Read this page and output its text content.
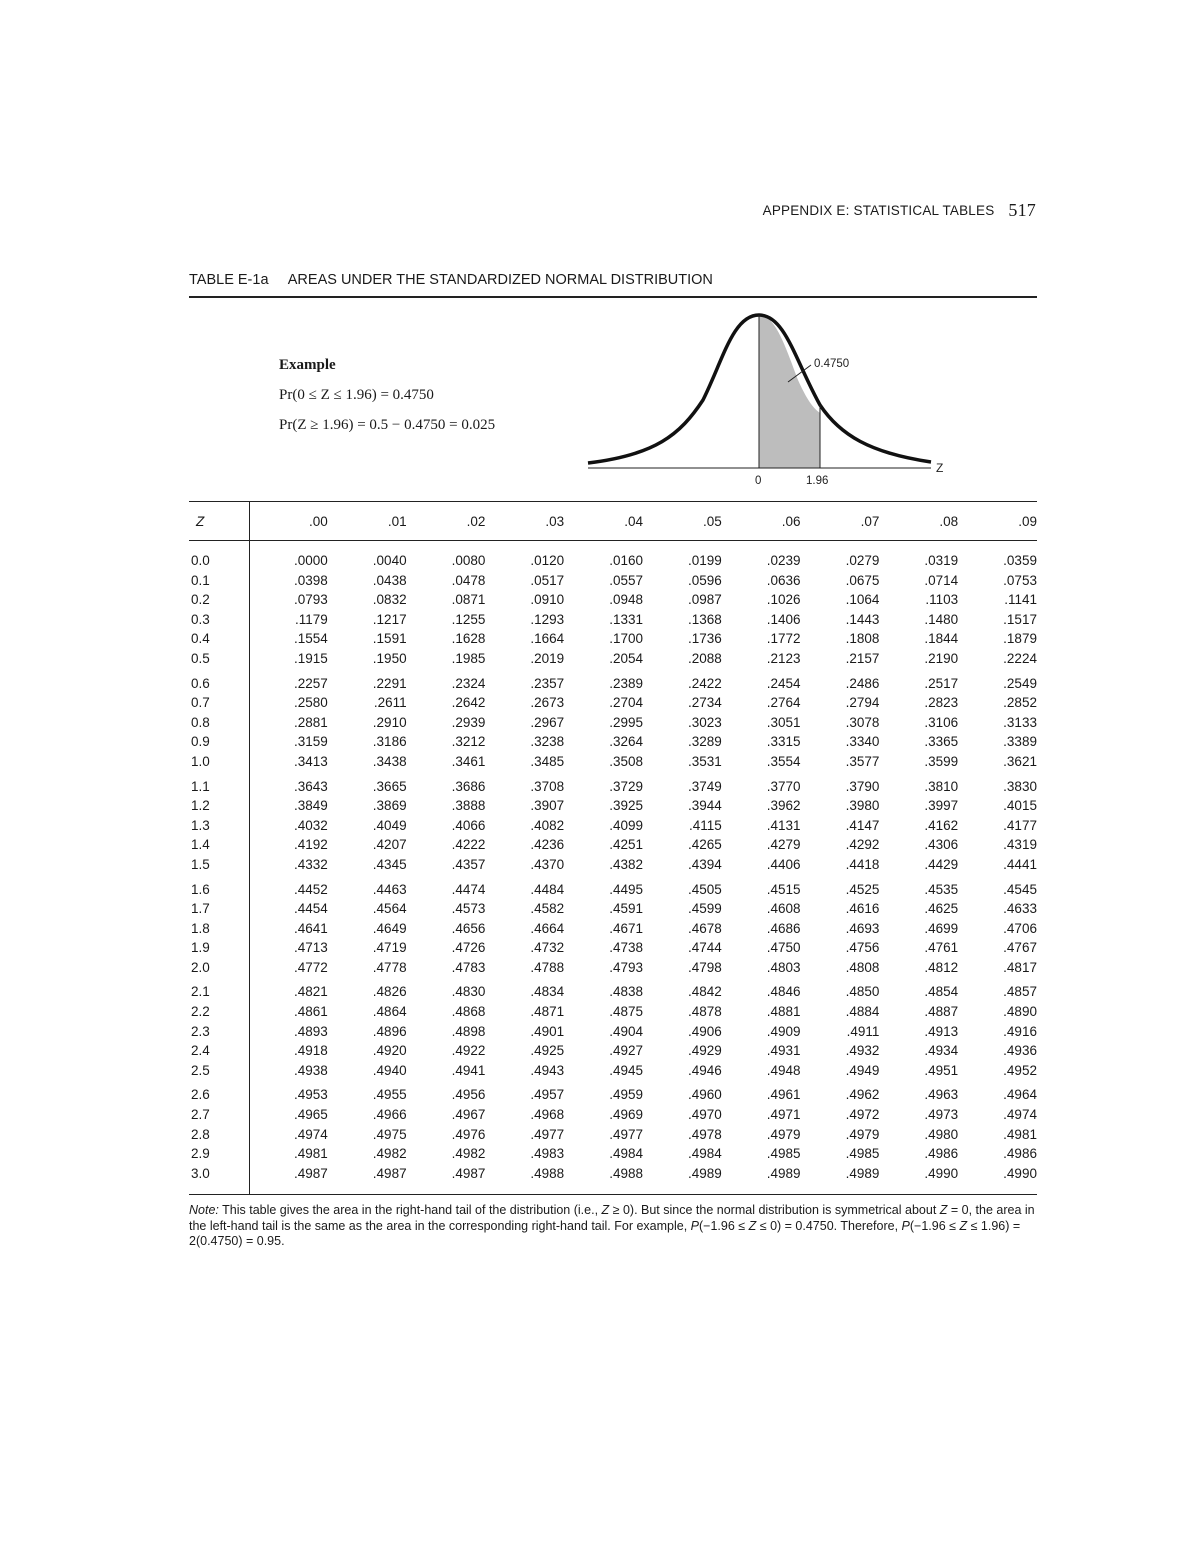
APPENDIX E: STATISTICAL TABLES 517
TABLE E-1a AREAS UNDER THE STANDARDIZED NORMAL DISTRIBUTION
Example
Pr(0 ≤ Z ≤ 1.96) = 0.4750
Pr(Z ≥ 1.96) = 0.5 − 0.4750 = 0.025
0.4750
0	1.96
Z
Z	.00	.01	.02	.03	.04	.05	.06	.07	.08	.09
0.0	.0000	.0040	.0080	.0120	.0160	.0199	.0239	.0279	.0319	.0359
0.1	.0398	.0438	.0478	.0517	.0557	.0596	.0636	.0675	.0714	.0753
0.2	.0793	.0832	.0871	.0910	.0948	.0987	.1026	.1064	.1103	.1141
0.3	.1179	.1217	.1255	.1293	.1331	.1368	.1406	.1443	.1480	.1517
0.4	.1554	.1591	.1628	.1664	.1700	.1736	.1772	.1808	.1844	.1879
0.5	.1915	.1950	.1985	.2019	.2054	.2088	.2123	.2157	.2190	.2224
0.6	.2257	.2291	.2324	.2357	.2389	.2422	.2454	.2486	.2517	.2549
0.7	.2580	.2611	.2642	.2673	.2704	.2734	.2764	.2794	.2823	.2852
0.8	.2881	.2910	.2939	.2967	.2995	.3023	.3051	.3078	.3106	.3133
0.9	.3159	.3186	.3212	.3238	.3264	.3289	.3315	.3340	.3365	.3389
1.0	.3413	.3438	.3461	.3485	.3508	.3531	.3554	.3577	.3599	.3621
1.1	.3643	.3665	.3686	.3708	.3729	.3749	.3770	.3790	.3810	.3830
1.2	.3849	.3869	.3888	.3907	.3925	.3944	.3962	.3980	.3997	.4015
1.3	.4032	.4049	.4066	.4082	.4099	.4115	.4131	.4147	.4162	.4177
1.4	.4192	.4207	.4222	.4236	.4251	.4265	.4279	.4292	.4306	.4319
1.5	.4332	.4345	.4357	.4370	.4382	.4394	.4406	.4418	.4429	.4441
1.6	.4452	.4463	.4474	.4484	.4495	.4505	.4515	.4525	.4535	.4545
1.7	.4454	.4564	.4573	.4582	.4591	.4599	.4608	.4616	.4625	.4633
1.8	.4641	.4649	.4656	.4664	.4671	.4678	.4686	.4693	.4699	.4706
1.9	.4713	.4719	.4726	.4732	.4738	.4744	.4750	.4756	.4761	.4767
2.0	.4772	.4778	.4783	.4788	.4793	.4798	.4803	.4808	.4812	.4817
2.1	.4821	.4826	.4830	.4834	.4838	.4842	.4846	.4850	.4854	.4857
2.2	.4861	.4864	.4868	.4871	.4875	.4878	.4881	.4884	.4887	.4890
2.3	.4893	.4896	.4898	.4901	.4904	.4906	.4909	.4911	.4913	.4916
2.4	.4918	.4920	.4922	.4925	.4927	.4929	.4931	.4932	.4934	.4936
2.5	.4938	.4940	.4941	.4943	.4945	.4946	.4948	.4949	.4951	.4952
2.6	.4953	.4955	.4956	.4957	.4959	.4960	.4961	.4962	.4963	.4964
2.7	.4965	.4966	.4967	.4968	.4969	.4970	.4971	.4972	.4973	.4974
2.8	.4974	.4975	.4976	.4977	.4977	.4978	.4979	.4979	.4980	.4981
2.9	.4981	.4982	.4982	.4983	.4984	.4984	.4985	.4985	.4986	.4986
3.0	.4987	.4987	.4987	.4988	.4988	.4989	.4989	.4989	.4990	.4990
Note: This table gives the area in the right-hand tail of the distribution (i.e., Z ≥ 0). But since the normal distribution is symmetrical about Z = 0, the area in the left-hand tail is the same as the area in the corresponding right-hand tail. For example, P(−1.96 ≤ Z ≤ 0) = 0.4750. Therefore, P(−1.96 ≤ Z ≤ 1.96) = 2(0.4750) = 0.95.
